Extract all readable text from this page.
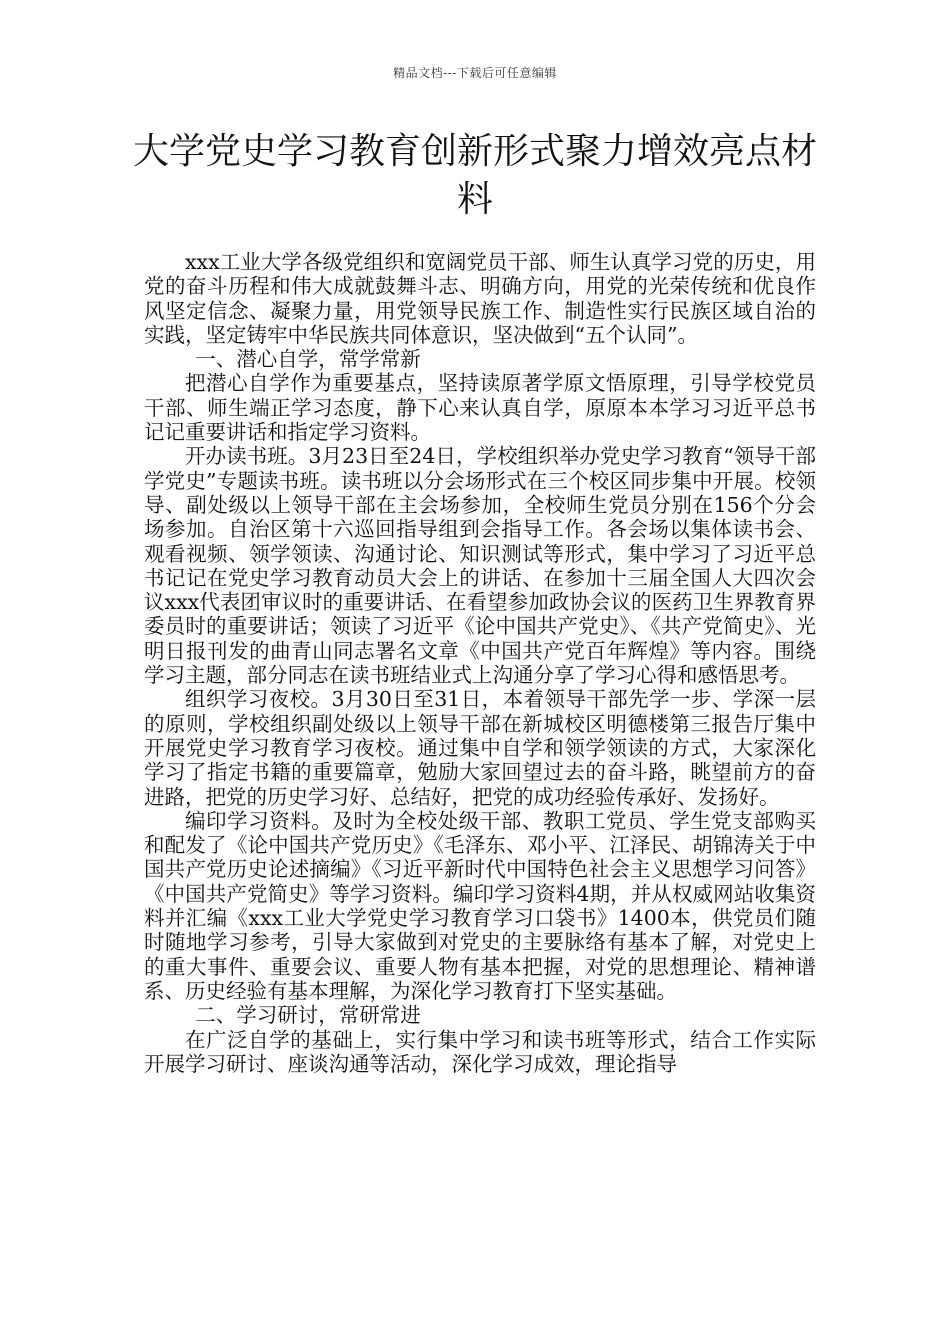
精品文档---下载后可任意编辑
大学党史学习教育创新形式聚力增效亮点材料

xxx工业大学各级党组织和宽阔党员干部、师生认真学习党的历史，用党的奋斗历程和伟大成就鼓舞斗志、明确方向，用党的光荣传统和优良作风坚定信念、凝聚力量，用党领导民族工作、制造性实行民族区域自治的实践，坚定铸牢中华民族共同体意识，坚决做到“五个认同”。

一、潜心自学，常学常新

把潜心自学作为重要基点，坚持读原著学原文悟原理，引导学校党员干部、师生端正学习态度，静下心来认真自学，原原本本学习习近平总书记记重要讲话和指定学习资料。

开办读书班。3月23日至24日，学校组织举办党史学习教育“领导干部学党史”专题读书班。读书班以分会场形式在三个校区同步集中开展。校领导、副处级以上领导干部在主会场参加，全校师生党员分别在156个分会场参加。自治区第十六巡回指导组到会指导工作。各会场以集体读书会、观看视频、领学领读、沟通讨论、知识测试等形式，集中学习了习近平总书记记在党史学习教育动员大会上的讲话、在参加十三届全国人大四次会议xxx代表团审议时的重要讲话、在看望参加政协会议的医药卫生界教育界委员时的重要讲话；领读了习近平《论中国共产党史》、《共产党简史》、光明日报刊发的曲青山同志署名文章《中国共产党百年辉煌》等内容。围绕学习主题，部分同志在读书班结业式上沟通分享了学习心得和感悟思考。

组织学习夜校。3月30日至31日，本着领导干部先学一步、学深一层的原则，学校组织副处级以上领导干部在新城校区明德楼第三报告厅集中开展党史学习教育学习夜校。通过集中自学和领学领读的方式，大家深化学习了指定书籍的重要篇章，勉励大家回望过去的奋斗路，眺望前方的奋进路，把党的历史学习好、总结好，把党的成功经验传承好、发扬好。

编印学习资料。及时为全校处级干部、教职工党员、学生党支部购买和配发了《论中国共产党历史》《毛泽东、邓小平、江泽民、胡锦涛关于中国共产党历史论述摘编》《习近平新时代中国特色社会主义思想学习问答》《中国共产党简史》等学习资料。编印学习资料4期，并从权威网站收集资料并汇编《xxx工业大学党史学习教育学习口袋书》1400本，供党员们随时随地学习参考，引导大家做到对党史的主要脉络有基本了解，对党史上的重大事件、重要会议、重要人物有基本把握，对党的思想理论、精神谱系、历史经验有基本理解，为深化学习教育打下坚实基础。

二、学习研讨，常研常进

在广泛自学的基础上，实行集中学习和读书班等形式，结合工作实际开展学习研讨、座谈沟通等活动，深化学习成效，理论指导
